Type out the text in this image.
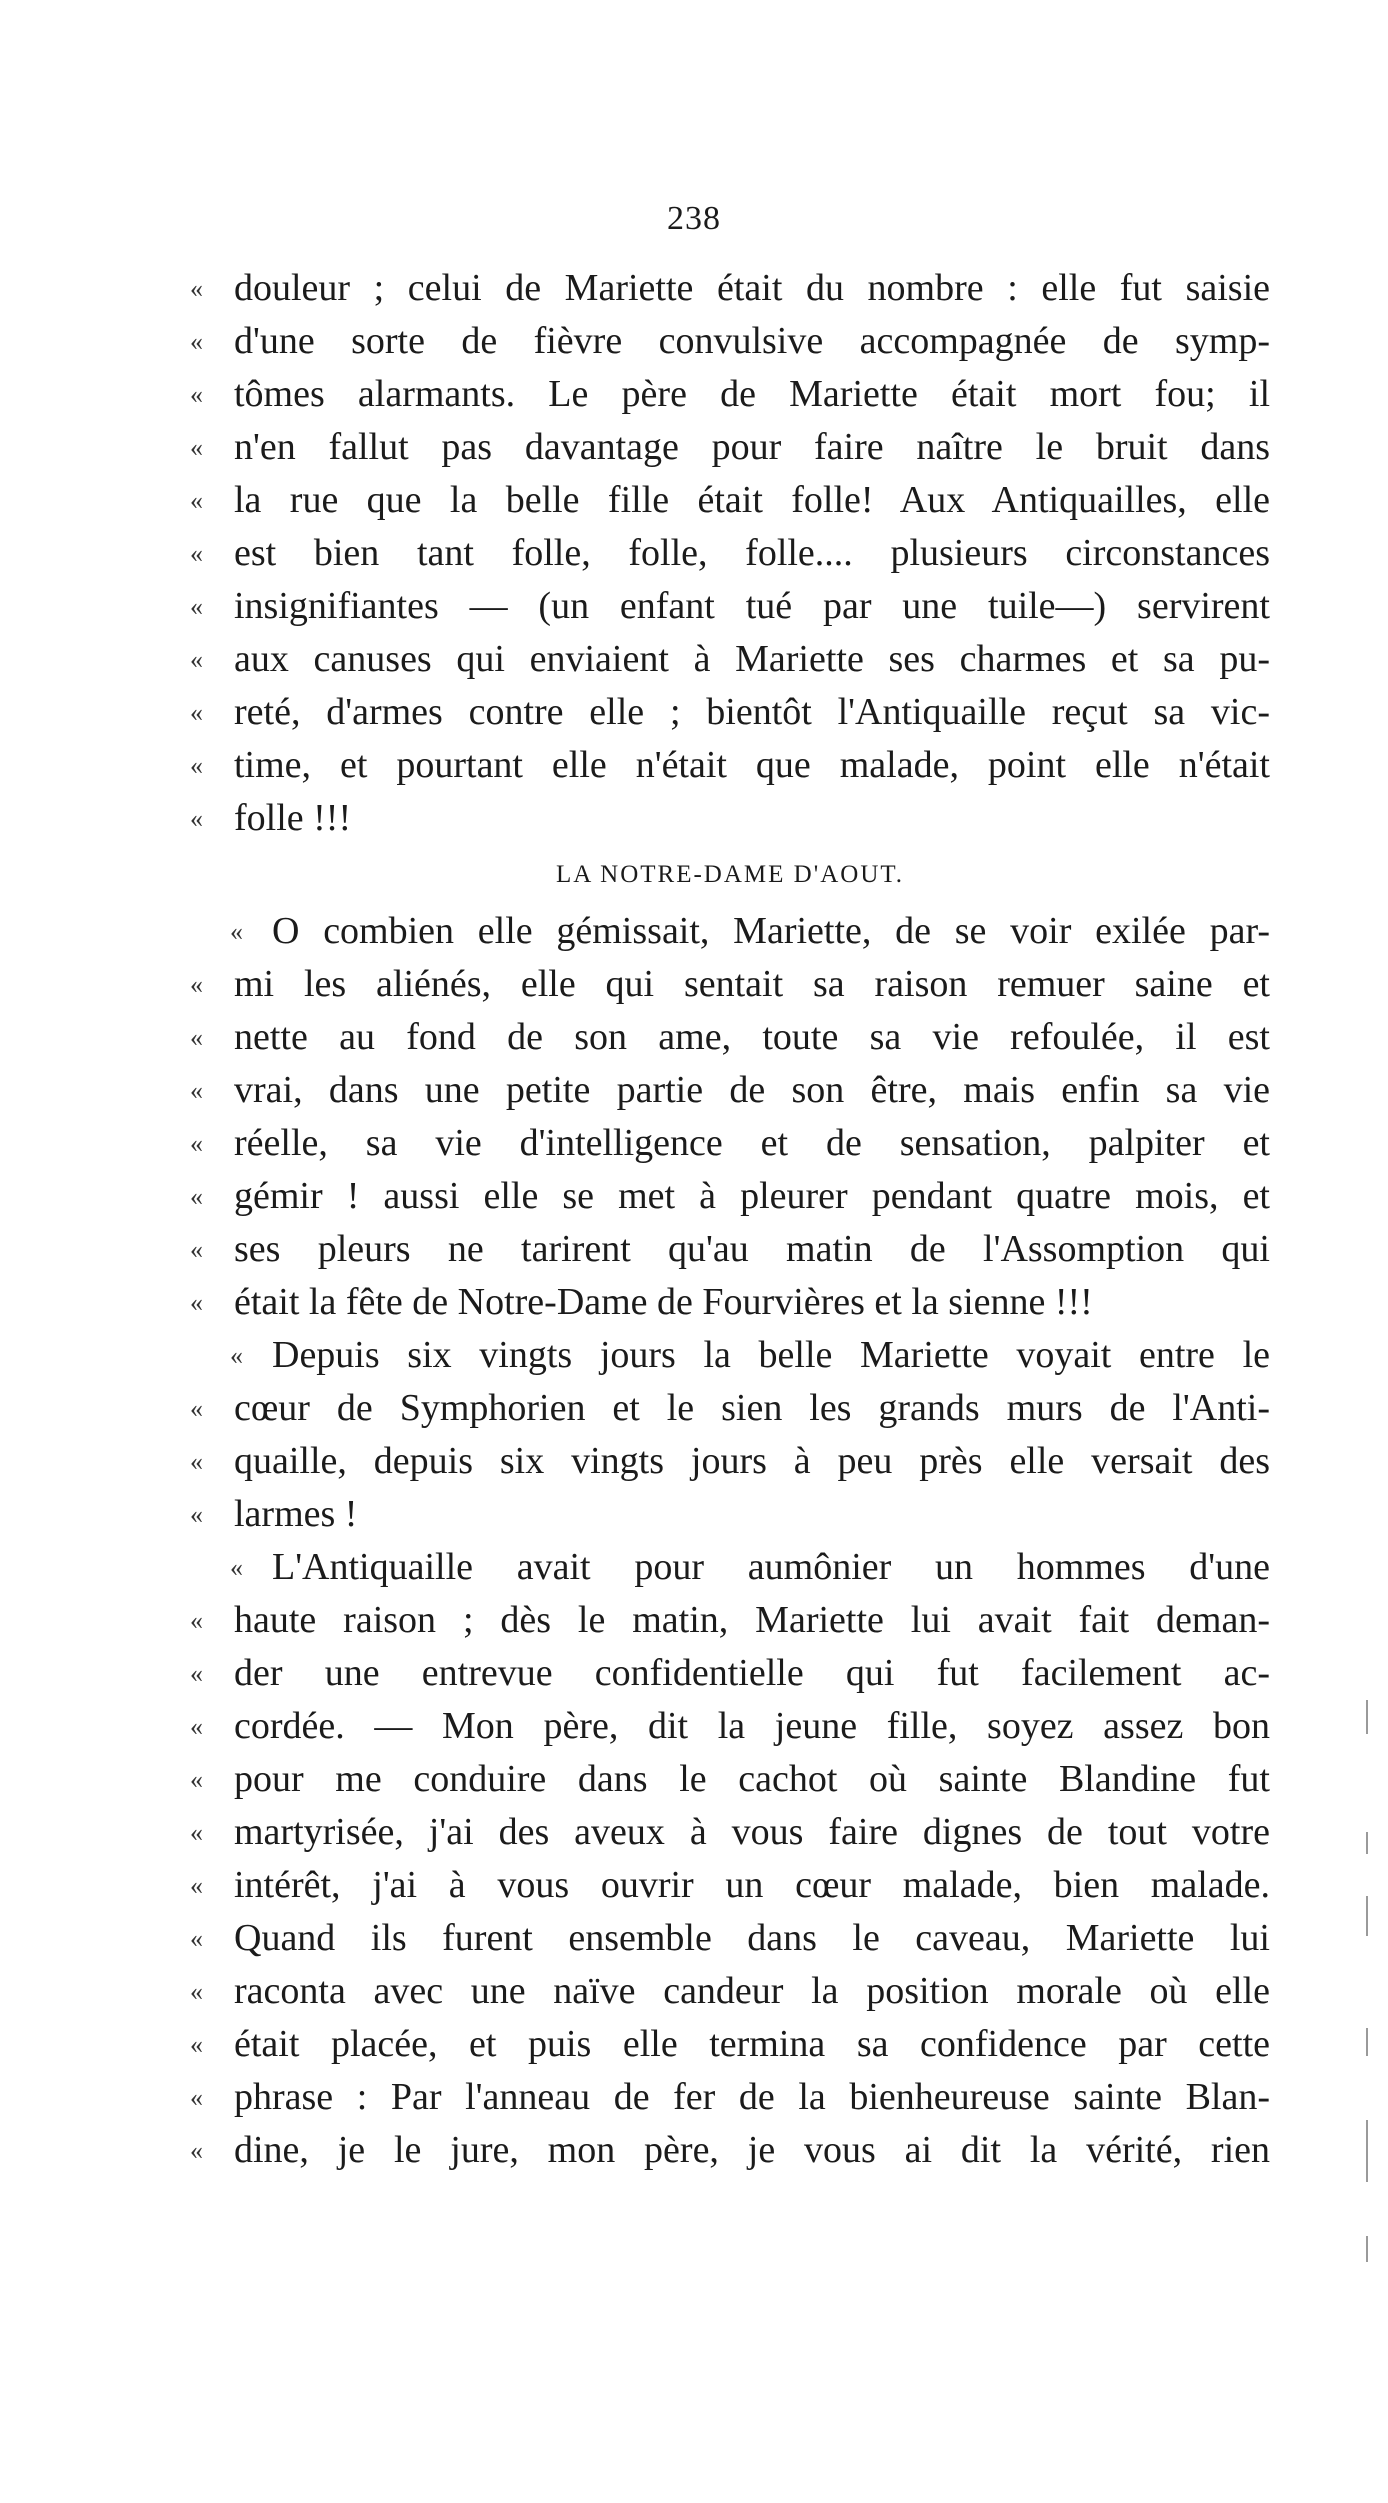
238
« douleur ; celui de Mariette était du nombre : elle fut saisie
« d'une sorte de fièvre convulsive accompagnée de symp-
« tômes alarmants. Le père de Mariette était mort fou; il
« n'en fallut pas davantage pour faire naître le bruit dans
« la rue que la belle fille était folle! Aux Antiquailles, elle
« est bien tant folle, folle, folle.... plusieurs circonstances
« insignifiantes — (un enfant tué par une tuile—) servirent
« aux canuses qui enviaient à Mariette ses charmes et sa pu-
« reté, d'armes contre elle ; bientôt l'Antiquaille reçut sa vic-
« time, et pourtant elle n'était que malade, point elle n'était
« folle !!!
LA NOTRE-DAME D'AOUT.
« O combien elle gémissait, Mariette, de se voir exilée par-
« mi les aliénés, elle qui sentait sa raison remuer saine et
« nette au fond de son ame, toute sa vie refoulée, il est
« vrai, dans une petite partie de son être, mais enfin sa vie
« réelle, sa vie d'intelligence et de sensation, palpiter et
« gémir ! aussi elle se met à pleurer pendant quatre mois, et
« ses pleurs ne tarirent qu'au matin de l'Assomption qui
« était la fête de Notre-Dame de Fourvières et la sienne !!!
« Depuis six vingts jours la belle Mariette voyait entre le
« cœur de Symphorien et le sien les grands murs de l'Anti-
« quaille, depuis six vingts jours à peu près elle versait des
« larmes !
« L'Antiquaille avait pour aumônier un hommes d'une
« haute raison ; dès le matin, Mariette lui avait fait deman-
« der une entrevue confidentielle qui fut facilement ac-
« cordée. — Mon père, dit la jeune fille, soyez assez bon
« pour me conduire dans le cachot où sainte Blandine fut
« martyrisée, j'ai des aveux à vous faire dignes de tout votre
« intérêt, j'ai à vous ouvrir un cœur malade, bien malade.
« Quand ils furent ensemble dans le caveau, Mariette lui
« raconta avec une naïve candeur la position morale où elle
« était placée, et puis elle termina sa confidence par cette
« phrase : Par l'anneau de fer de la bienheureuse sainte Blan-
« dine, je le jure, mon père, je vous ai dit la vérité, rien
